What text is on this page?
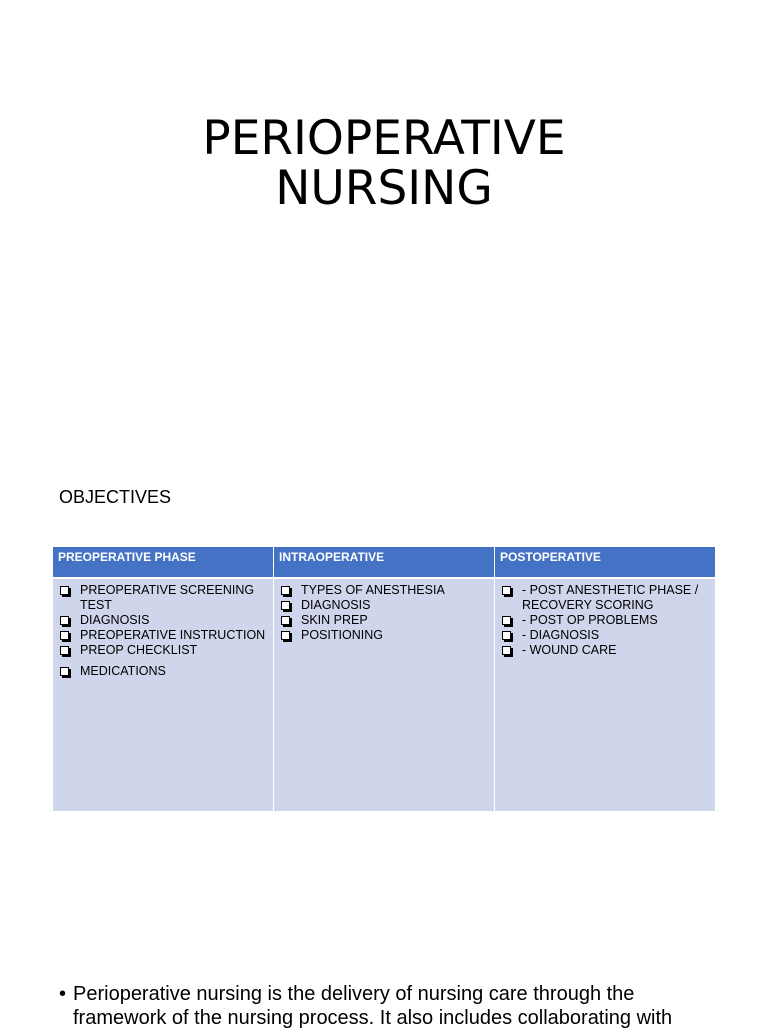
PERIOPERATIVE
NURSING
OBJECTIVES
PREOPERATIVE PHASE	INTRAOPERATIVE	POSTOPERATIVE
PREOPERATIVE SCREENING TEST
DIAGNOSIS
PREOPERATIVE INSTRUCTION
PREOP CHECKLIST
MEDICATIONS
TYPES OF ANESTHESIA
DIAGNOSIS
SKIN PREP
POSITIONING
- POST ANESTHETIC PHASE / RECOVERY SCORING
- POST OP PROBLEMS
- DIAGNOSIS
- WOUND CARE
• Perioperative nursing is the delivery of nursing care through the framework of the nursing process. It also includes collaborating with
